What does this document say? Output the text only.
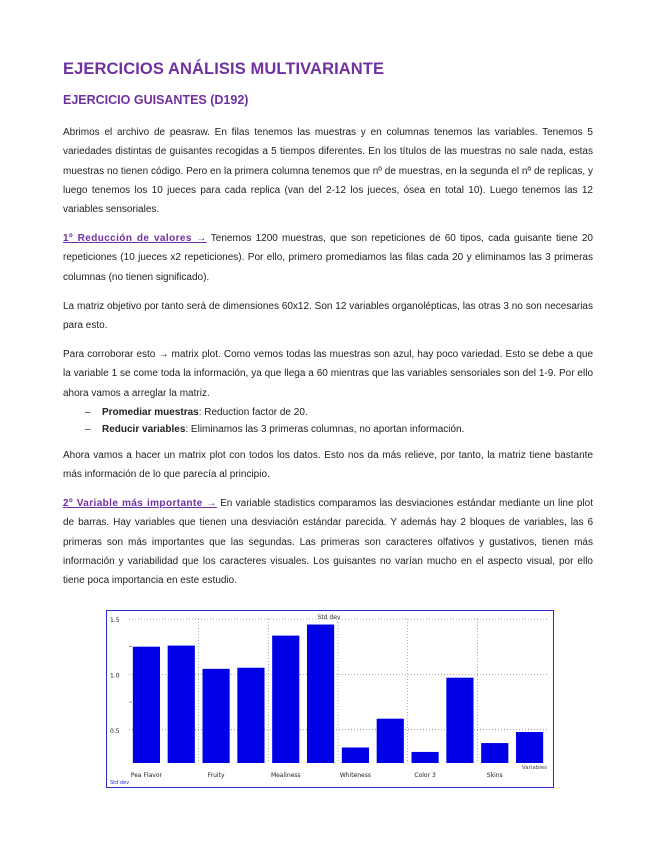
EJERCICIOS ANÁLISIS MULTIVARIANTE
EJERCICIO GUISANTES (D192)

Abrimos el archivo de peasraw. En filas tenemos las muestras y en columnas tenemos las variables. Tenemos 5 variedades distintas de guisantes recogidas a 5 tiempos diferentes. En los títulos de las muestras no sale nada, estas muestras no tienen código. Pero en la primera columna tenemos que nº de muestras, en la segunda el nº de replicas, y luego tenemos los 10 jueces para cada replica (van del 2-12 los jueces, ósea en total 10). Luego tenemos las 12 variables sensoriales.

1º Reducción de valores → Tenemos 1200 muestras, que son repeticiones de 60 tipos, cada guisante tiene 20 repeticiones (10 jueces x2 repeticiones). Por ello, primero promediamos las filas cada 20 y eliminamos las 3 primeras columnas (no tienen significado).

La matriz objetivo por tanto será de dimensiones 60x12. Son 12 variables organolépticas, las otras 3 no son necesarias para esto.

Para corroborar esto → matrix plot. Como vemos todas las muestras son azul, hay poco variedad. Esto se debe a que la variable 1 se come toda la información, ya que llega a 60 mientras que las variables sensoriales son del 1-9. Por ello ahora vamos a arreglar la matriz.

– Promediar muestras: Reduction factor de 20.
– Reducir variables: Eliminamos las 3 primeras columnas, no aportan información.

Ahora vamos a hacer un matrix plot con todos los datos. Esto nos da más relieve, por tanto, la matriz tiene bastante más información de lo que parecía al principio.

2º Variable más importante → En variable stadistics comparamos las desviaciones estándar mediante un line plot de barras. Hay variables que tienen una desviación estándar parecida. Y además hay 2 bloques de variables, las 6 primeras son más importantes que las segundas. Las primeras son caracteres olfativos y gustativos, tienen más información y variabilidad que los caracteres visuales. Los guisantes no varían mucho en el aspecto visual, por ello tiene poca importancia en este estudio.

Std dev
1.5
1.0
0.5
Pea Flavor	Fruity	Mealiness	Whiteness	Color 3	Skins
Variables
Std dev
